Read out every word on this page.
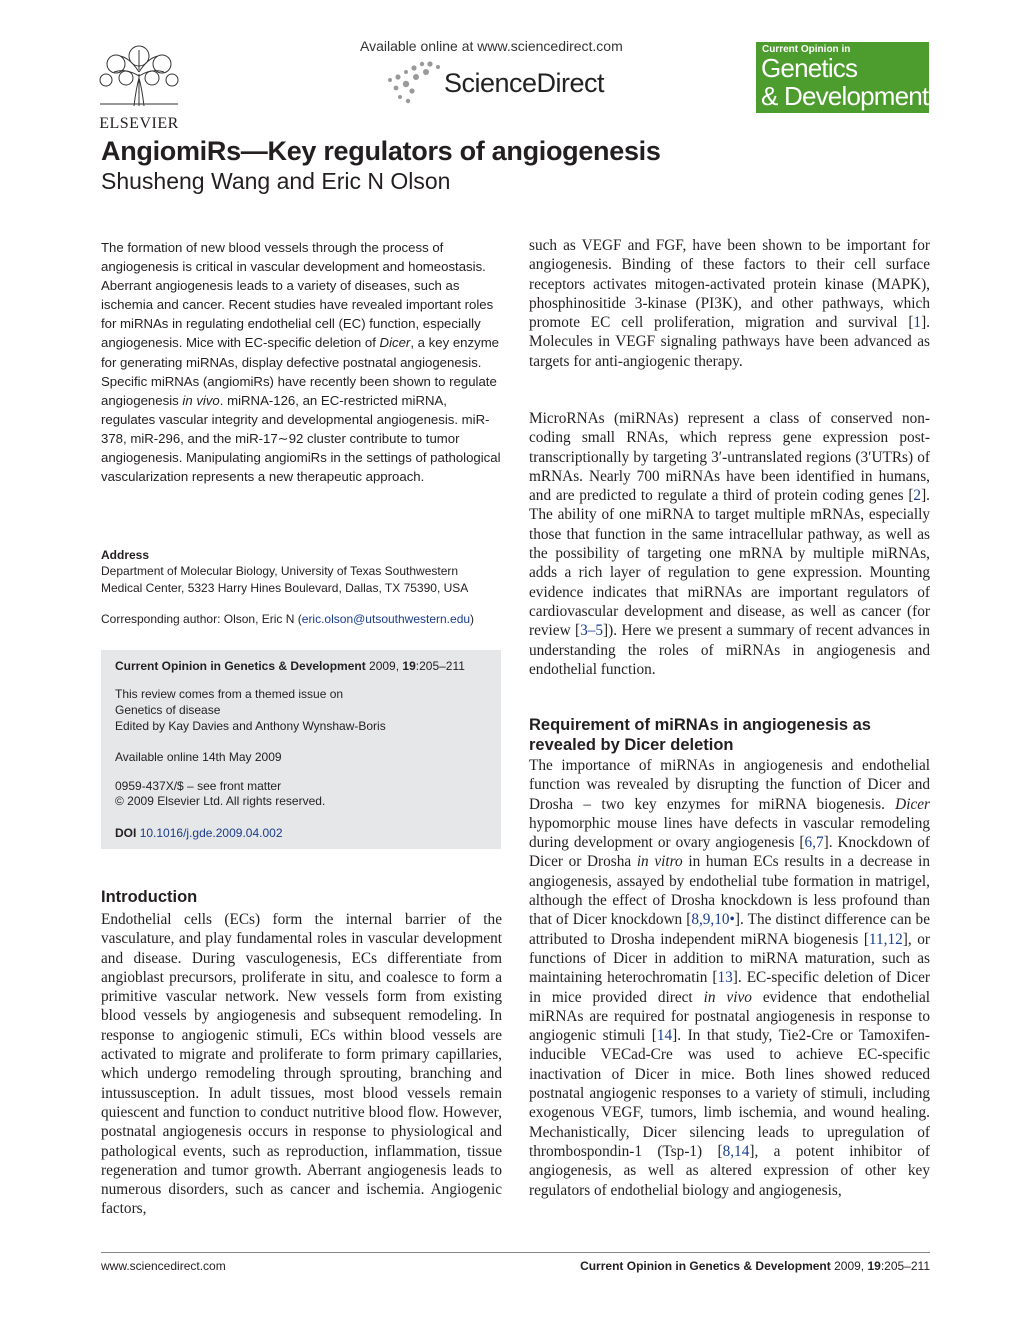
ELSEVIER
Available online at www.sciencedirect.com
ScienceDirect
Current Opinion in
Genetics
& Development
AngiomiRs—Key regulators of angiogenesis
Shusheng Wang and Eric N Olson

The formation of new blood vessels through the process of angiogenesis is critical in vascular development and homeostasis. Aberrant angiogenesis leads to a variety of diseases, such as ischemia and cancer. Recent studies have revealed important roles for miRNAs in regulating endothelial cell (EC) function, especially angiogenesis. Mice with EC-specific deletion of Dicer, a key enzyme for generating miRNAs, display defective postnatal angiogenesis. Specific miRNAs (angiomiRs) have recently been shown to regulate angiogenesis in vivo. miRNA-126, an EC-restricted miRNA, regulates vascular integrity and developmental angiogenesis. miR-378, miR-296, and the miR-17∼92 cluster contribute to tumor angiogenesis. Manipulating angiomiRs in the settings of pathological vascularization represents a new therapeutic approach.

Address
Department of Molecular Biology, University of Texas Southwestern Medical Center, 5323 Harry Hines Boulevard, Dallas, TX 75390, USA
Corresponding author: Olson, Eric N (eric.olson@utsouthwestern.edu)
Current Opinion in Genetics & Development 2009, 19:205–211
This review comes from a themed issue on
Genetics of disease
Edited by Kay Davies and Anthony Wynshaw-Boris
Available online 14th May 2009
0959-437X/$ – see front matter
© 2009 Elsevier Ltd. All rights reserved.
DOI 10.1016/j.gde.2009.04.002
Introduction
Endothelial cells (ECs) form the internal barrier of the vasculature, and play fundamental roles in vascular development and disease. During vasculogenesis, ECs differentiate from angioblast precursors, proliferate in situ, and coalesce to form a primitive vascular network. New vessels form from existing blood vessels by angiogenesis and subsequent remodeling. In response to angiogenic stimuli, ECs within blood vessels are activated to migrate and proliferate to form primary capillaries, which undergo remodeling through sprouting, branching and intussusception. In adult tissues, most blood vessels remain quiescent and function to conduct nutritive blood flow. However, postnatal angiogenesis occurs in response to physiological and pathological events, such as reproduction, inflammation, tissue regeneration and tumor growth. Aberrant angiogenesis leads to numerous disorders, such as cancer and ischemia. Angiogenic factors,
such as VEGF and FGF, have been shown to be important for angiogenesis. Binding of these factors to their cell surface receptors activates mitogen-activated protein kinase (MAPK), phosphinositide 3-kinase (PI3K), and other pathways, which promote EC cell proliferation, migration and survival [1]. Molecules in VEGF signaling pathways have been advanced as targets for anti-angiogenic therapy.
MicroRNAs (miRNAs) represent a class of conserved non-coding small RNAs, which repress gene expression post-transcriptionally by targeting 3′-untranslated regions (3′UTRs) of mRNAs. Nearly 700 miRNAs have been identified in humans, and are predicted to regulate a third of protein coding genes [2]. The ability of one miRNA to target multiple mRNAs, especially those that function in the same intracellular pathway, as well as the possibility of targeting one mRNA by multiple miRNAs, adds a rich layer of regulation to gene expression. Mounting evidence indicates that miRNAs are important regulators of cardiovascular development and disease, as well as cancer (for review [3–5]). Here we present a summary of recent advances in understanding the roles of miRNAs in angiogenesis and endothelial function.
Requirement of miRNAs in angiogenesis as revealed by Dicer deletion
The importance of miRNAs in angiogenesis and endothelial function was revealed by disrupting the function of Dicer and Drosha – two key enzymes for miRNA biogenesis. Dicer hypomorphic mouse lines have defects in vascular remodeling during development or ovary angiogenesis [6,7]. Knockdown of Dicer or Drosha in vitro in human ECs results in a decrease in angiogenesis, assayed by endothelial tube formation in matrigel, although the effect of Drosha knockdown is less profound than that of Dicer knockdown [8,9,10•]. The distinct difference can be attributed to Drosha independent miRNA biogenesis [11,12], or functions of Dicer in addition to miRNA maturation, such as maintaining heterochromatin [13]. EC-specific deletion of Dicer in mice provided direct in vivo evidence that endothelial miRNAs are required for postnatal angiogenesis in response to angiogenic stimuli [14]. In that study, Tie2-Cre or Tamoxifen-inducible VECad-Cre was used to achieve EC-specific inactivation of Dicer in mice. Both lines showed reduced postnatal angiogenic responses to a variety of stimuli, including exogenous VEGF, tumors, limb ischemia, and wound healing. Mechanistically, Dicer silencing leads to upregulation of thrombospondin-1 (Tsp-1) [8,14], a potent inhibitor of angiogenesis, as well as altered expression of other key regulators of endothelial biology and angiogenesis,
www.sciencedirect.com	Current Opinion in Genetics & Development 2009, 19:205–211
